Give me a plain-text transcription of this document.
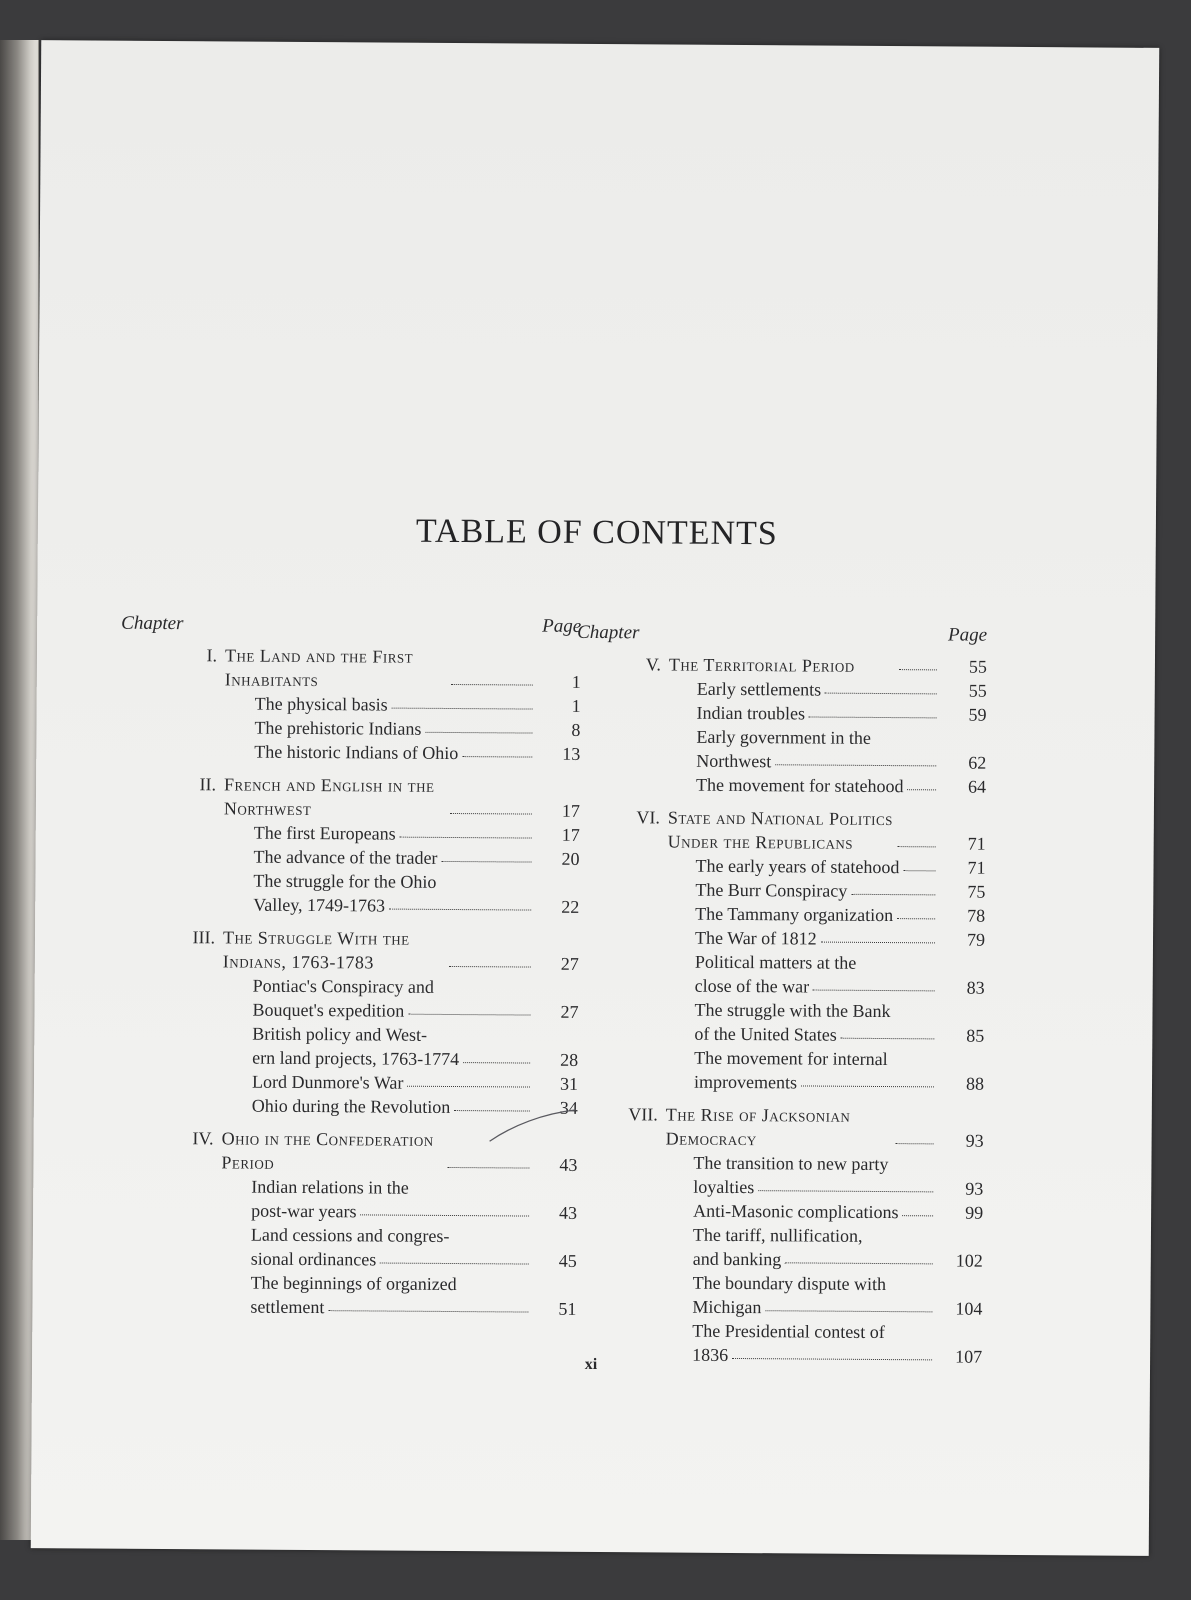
TABLE OF CONTENTS
Chapter	Page
I. The Land and the First
Inhabitants	1
The physical basis	1
The prehistoric Indians	8
The historic Indians of Ohio	13
II. French and English in the
Northwest	17
The first Europeans	17
The advance of the trader	20
The struggle for the Ohio
Valley, 1749-1763	22
III. The Struggle With the
Indians, 1763-1783	27
Pontiac's Conspiracy and
Bouquet's expedition	27
British policy and West-
ern land projects, 1763-1774	28
Lord Dunmore's War	31
Ohio during the Revolution	34
IV. Ohio in the Confederation
Period	43
Indian relations in the
post-war years	43
Land cessions and congres-
sional ordinances	45
The beginnings of organized
settlement	51
Chapter	Page
V. The Territorial Period	55
Early settlements	55
Indian troubles	59
Early government in the
Northwest	62
The movement for statehood	64
VI. State and National Politics
Under the Republicans	71
The early years of statehood	71
The Burr Conspiracy	75
The Tammany organization	78
The War of 1812	79
Political matters at the
close of the war	83
The struggle with the Bank
of the United States	85
The movement for internal
improvements	88
VII. The Rise of Jacksonian
Democracy	93
The transition to new party
loyalties	93
Anti-Masonic complications	99
The tariff, nullification,
and banking	102
The boundary dispute with
Michigan	104
The Presidential contest of
1836	107
xi
